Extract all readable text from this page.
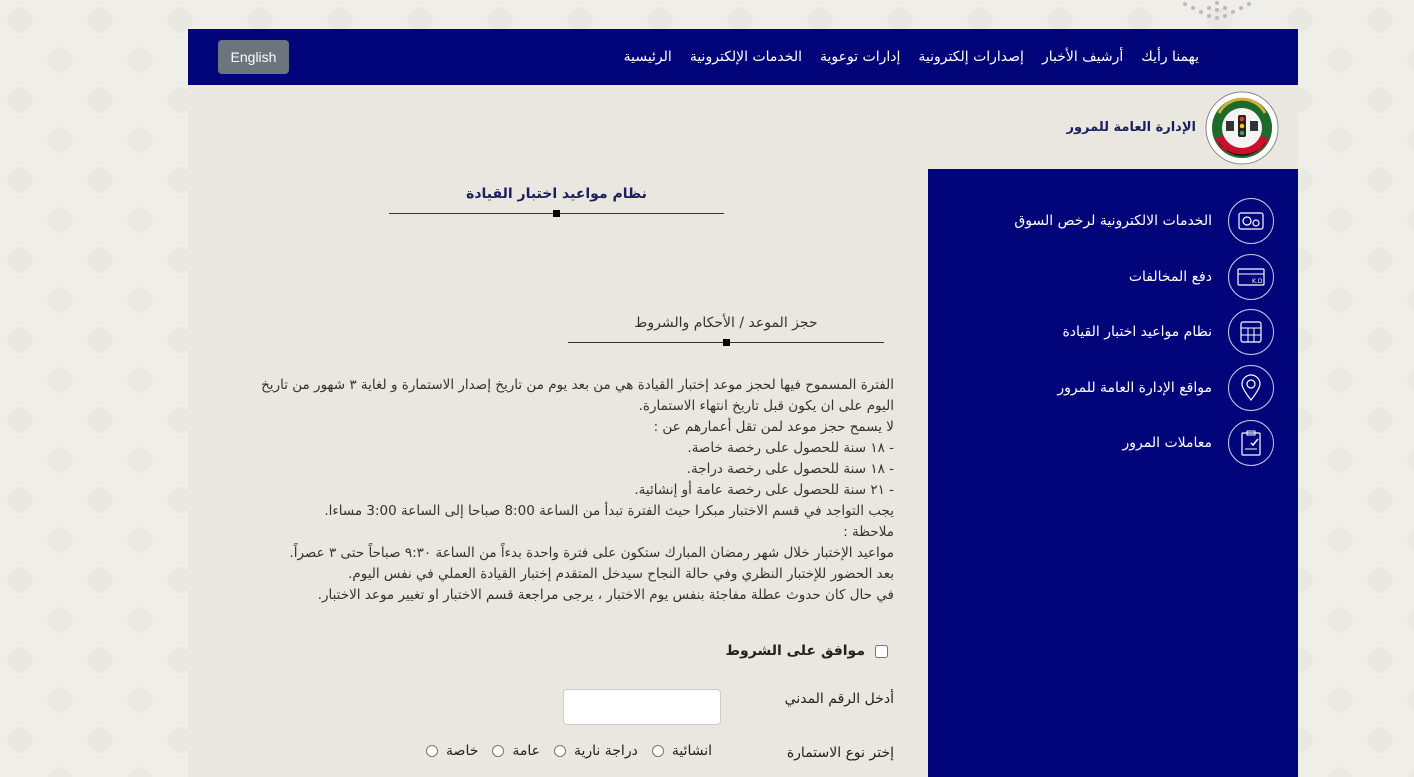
English	الرئيسية	الخدمات الإلكترونية	إدارات توعوية	إصدارات إلكترونية	أرشيف الأخبار	يهمنا رأيك
الإدارة العامة للمرور
نظام مواعيد اختبار القيادة
حجز الموعد / الأحكام والشروط

الفترة المسموح فيها لحجز موعد إختبار القيادة هي من بعد يوم من تاريخ إصدار الاستمارة و لغاية ٣ شهور من تاريخ اليوم على ان يكون قبل تاريخ انتهاء الاستمارة.

لا يسمح حجز موعد لمن تقل أعمارهم عن :

- ١٨ سنة للحصول على رخصة خاصة.

- ١٨ سنة للحصول على رخصة دراجة.

- ٢١ سنة للحصول على رخصة عامة أو إنشائية.

يجب التواجد في قسم الاختبار مبكرا حيث الفترة تبدأ من الساعة 8:00 صباحا إلى الساعة 3:00 مساءا.

ملاحظة :

مواعيد الإختبار خلال شهر رمضان المبارك ستكون على فترة واحدة بدءاً من الساعة ٩:٣٠ صباحاً حتى ٣ عصراً.

بعد الحضور للإختبار النظري وفي حالة النجاح سيدخل المتقدم إختبار القيادة العملي في نفس اليوم.

في حال كان حدوث عطلة مفاجئة بنفس يوم الاختبار ، يرجى مراجعة قسم الاختبار او تغيير موعد الاختبار.

موافق على الشروط
أدخل الرقم المدني
إختر نوع الاستمارة
خاصة عامة دراجة نارية انشائية
الخدمات الالكترونية لرخص السوق
K.D
دفع المخالفات
نظام مواعيد اختبار القيادة
مواقع الإدارة العامة للمرور
معاملات المرور
